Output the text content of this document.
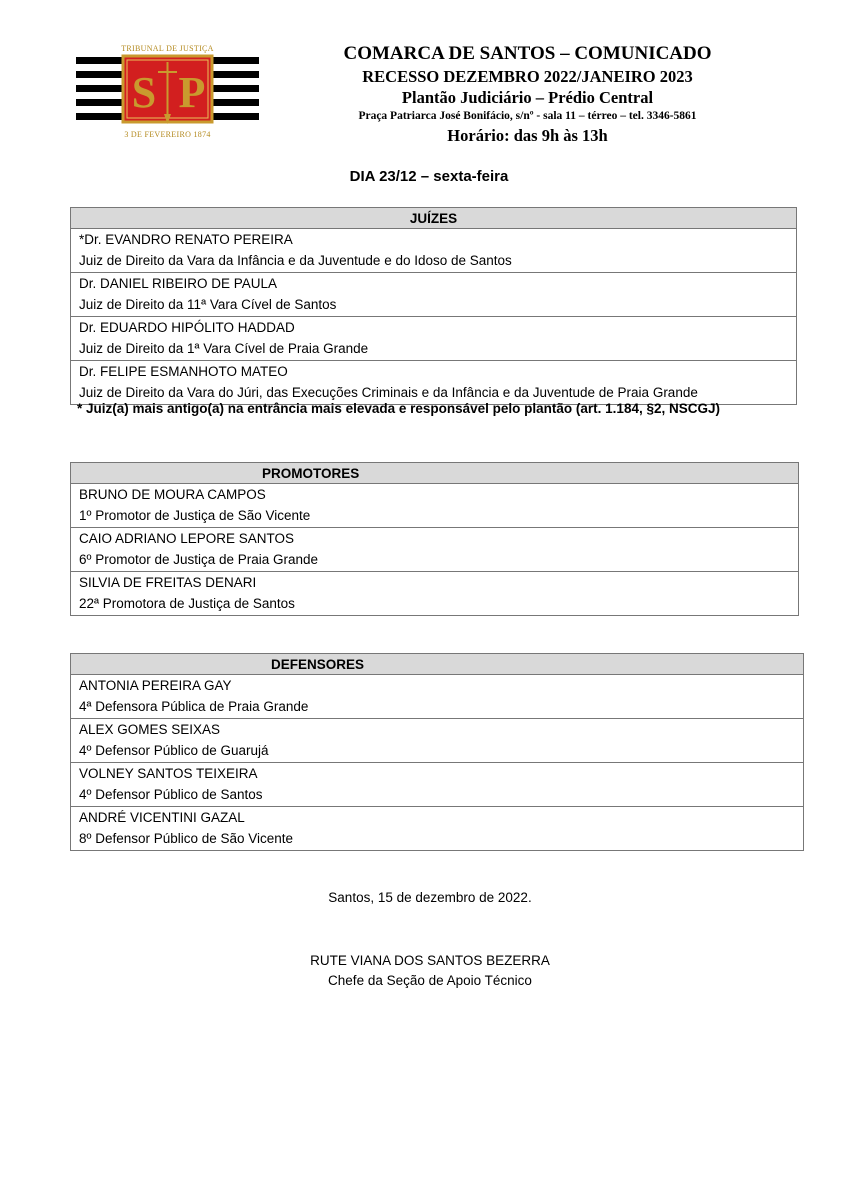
TRIBUNAL DE JUSTIÇA
S P
3 DE FEVEREIRO 1874
COMARCA DE SANTOS – COMUNICADO
RECESSO DEZEMBRO 2022/JANEIRO 2023
Plantão Judiciário – Prédio Central
Praça Patriarca José Bonifácio, s/nº - sala 11 – térreo – tel. 3346-5861
Horário: das 9h às 13h
DIA 23/12 – sexta-feira
JUÍZES

*Dr. EVANDRO RENATO PEREIRA
Juiz de Direito da Vara da Infância e da Juventude e do Idoso de Santos

Dr. DANIEL RIBEIRO DE PAULA
Juiz de Direito da 11ª Vara Cível de Santos

Dr. EDUARDO HIPÓLITO HADDAD
Juiz de Direito da 1ª Vara Cível de Praia Grande

Dr. FELIPE ESMANHOTO MATEO
Juiz de Direito da Vara do Júri, das Execuções Criminais e da Infância e da Juventude de Praia Grande
* Juiz(a) mais antigo(a) na entrância mais elevada e responsável pelo plantão (art. 1.184, §2, NSCGJ)
PROMOTORES

BRUNO DE MOURA CAMPOS
1º Promotor de Justiça de São Vicente

CAIO ADRIANO LEPORE SANTOS
6º Promotor de Justiça de Praia Grande

SILVIA DE FREITAS DENARI
22ª Promotora de Justiça de Santos
DEFENSORES

ANTONIA PEREIRA GAY
4ª Defensora Pública de Praia Grande

ALEX GOMES SEIXAS
4º Defensor Público de Guarujá

VOLNEY SANTOS TEIXEIRA
4º Defensor Público de Santos

ANDRÉ VICENTINI GAZAL
8º Defensor Público de São Vicente
Santos, 15 de dezembro de 2022.
RUTE VIANA DOS SANTOS BEZERRA
Chefe da Seção de Apoio Técnico
